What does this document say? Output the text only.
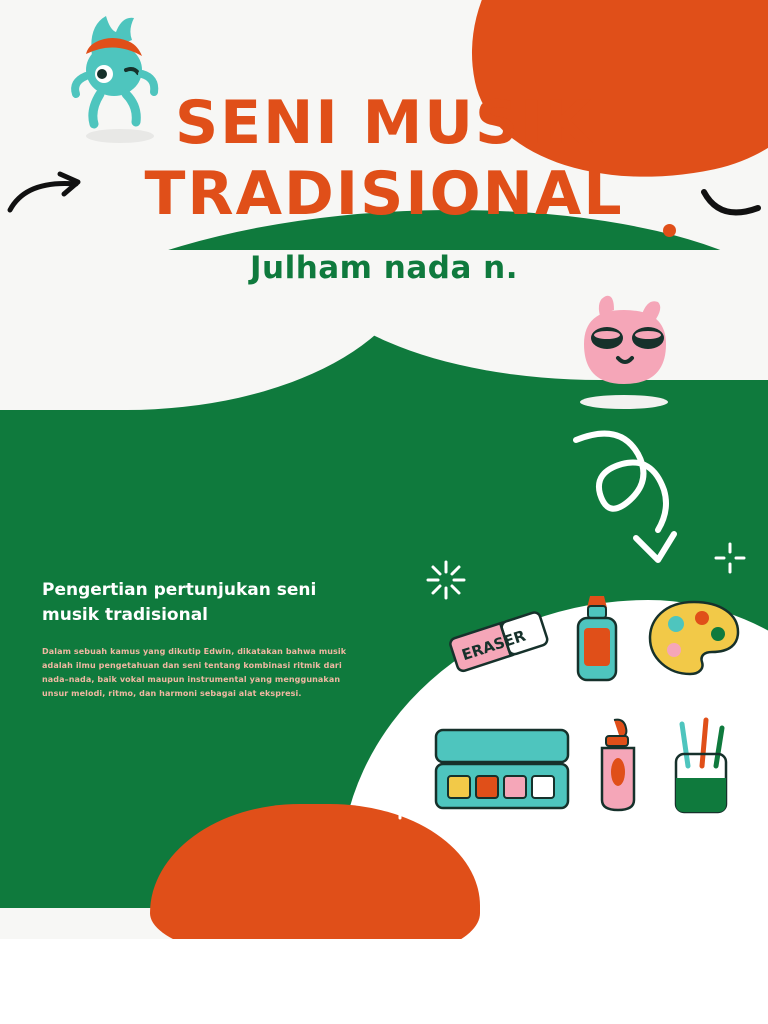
SENI MUSIK
TRADISIONAL
Julham nada n.
Pengertian pertunjukan seni musik tradisional
Dalam sebuah kamus yang dikutip Edwin, dikatakan bahwa musik adalah ilmu pengetahuan dan seni tentang kombinasi ritmik dari nada–nada, baik vokal maupun instrumental yang menggunakan unsur melodi, ritmo, dan harmoni sebagai alat ekspresi.
ERASER
